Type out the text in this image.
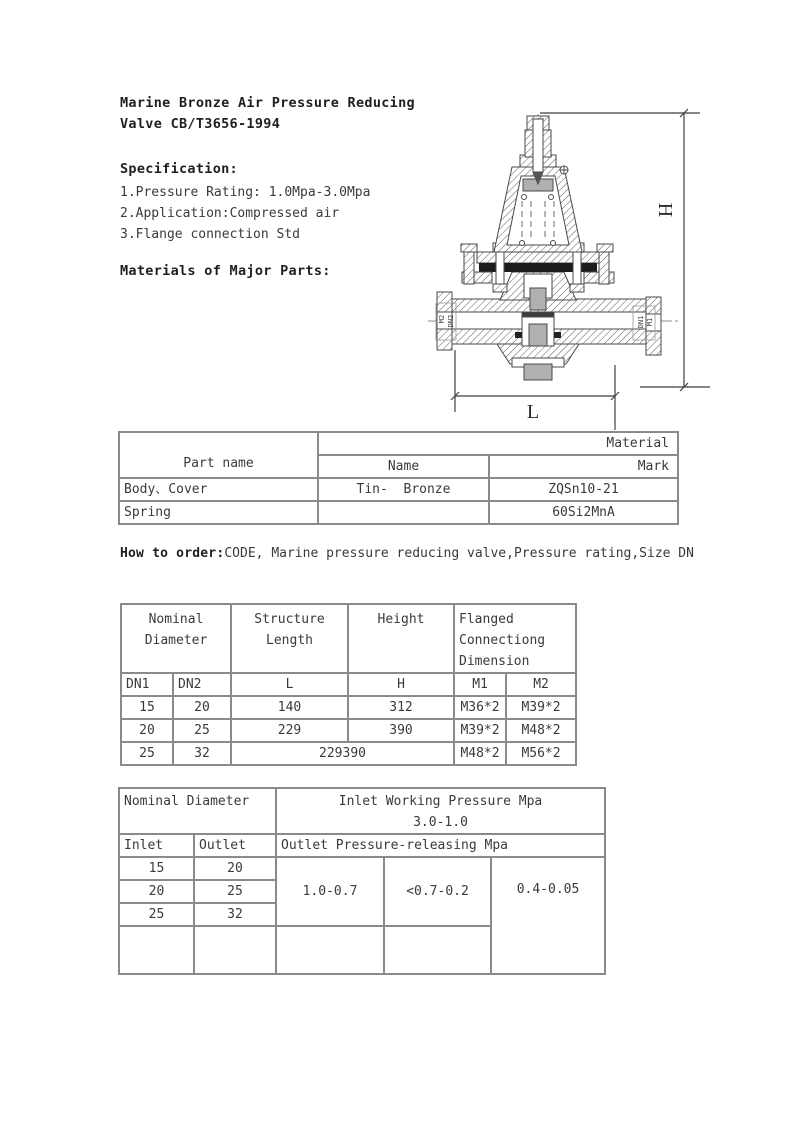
Marine Bronze Air Pressure Reducing
Valve CB/T3656-1994
Specification:
1.Pressure Rating: 1.0Mpa-3.0Mpa
2.Application:Compressed air
3.Flange connection Std
Materials of Major Parts:
H
L
M2 DN2	DN1 M1
Part name	Material	
	Name	Mark
Body、Cover	Tin-  Bronze	ZQSn10-21
Spring		60Si2MnA
How to order:CODE, Marine pressure reducing valve,Pressure rating,Size DN
Nominal Diameter		Structure Length	Height	Flanged Connectiong Dimension	
DN1	DN2	L	H	M1	M2
15	20	140	312	M36*2	M39*2
20	25	229	390	M39*2	M48*2
25	32	229390		M48*2	M56*2
Nominal Diameter		Inlet Working Pressure Mpa
3.0-1.0		

Inlet	Outlet	Outlet Pressure-releasing Mpa		
15	20	1.0-0.7	<0.7-0.2	0.4-0.05
20	25			
25	32			
